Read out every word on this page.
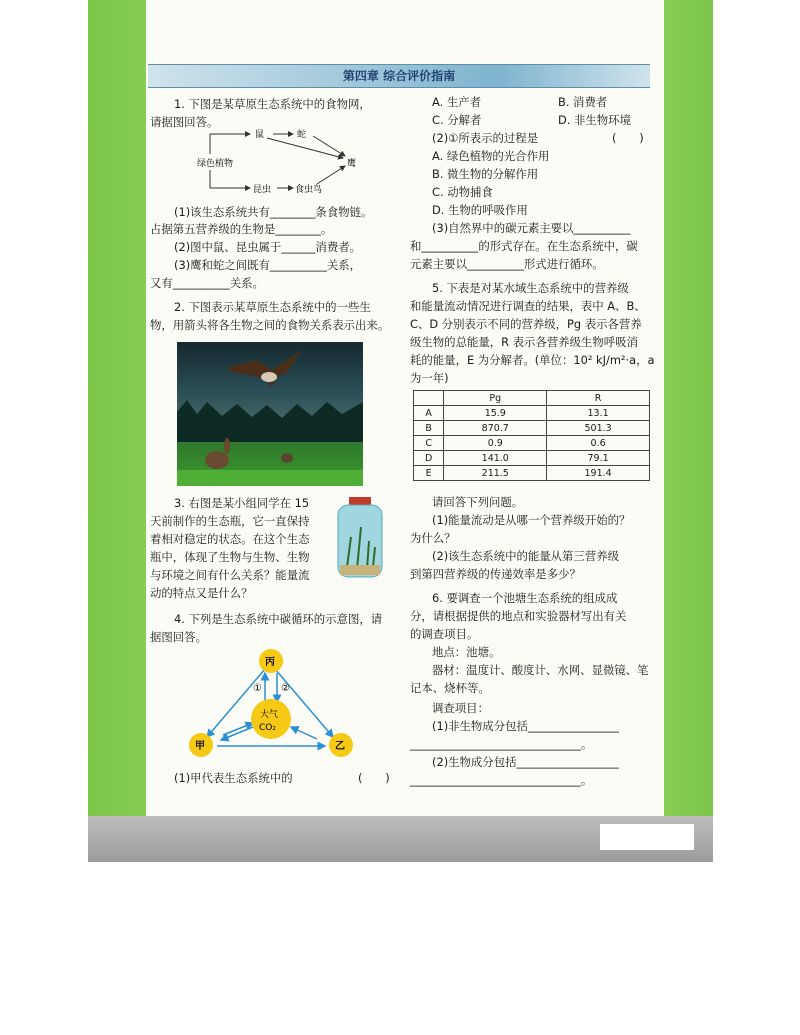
第四章 综合评价指南
1. 下图是某草原生态系统中的食物网，
请据图回答。
绿色植物
鼠	蛇
鹰
昆虫	食虫鸟
(1)该生态系统共有________条食物链。
占据第五营养级的生物是________。
(2)图中鼠、昆虫属于______消费者。
(3)鹰和蛇之间既有__________关系，
又有__________关系。
2. 下图表示某草原生态系统中的一些生
物，用箭头将各生物之间的食物关系表示出来。
3. 右图是某小组同学在 15
天前制作的生态瓶，它一直保持
着相对稳定的状态。在这个生态
瓶中，体现了生物与生物、生物
与环境之间有什么关系？能量流
动的特点又是什么？
4. 下列是生态系统中碳循环的示意图，请
据图回答。
丙
甲	乙
大气
CO₂
① ②
(1)甲代表生态系统中的	(　　)
A. 生产者	B. 消费者
C. 分解者	D. 非生物环境
(2)①所表示的过程是	(　　)
A. 绿色植物的光合作用
B. 微生物的分解作用
C. 动物捕食
D. 生物的呼吸作用
(3)自然界中的碳元素主要以__________
和__________的形式存在。在生态系统中，碳
元素主要以__________形式进行循环。
5. 下表是对某水域生态系统中的营养级
和能量流动情况进行调查的结果，表中 A、B、
C、D 分别表示不同的营养级，Pg 表示各营养
级生物的总能量，R 表示各营养级生物呼吸消
耗的能量，E 为分解者。(单位：10² kJ/m²·a，a
为一年)
	Pg	R
A	15.9	13.1
B	870.7	501.3
C	0.9	0.6
D	141.0	79.1
E	211.5	191.4
请回答下列问题。
(1)能量流动是从哪一个营养级开始的？
为什么？
(2)该生态系统中的能量从第三营养级
到第四营养级的传递效率是多少？
6. 要调查一个池塘生态系统的组成成
分，请根据提供的地点和实验器材写出有关
的调查项目。
地点：池塘。
器材：温度计、酸度计、水网、显微镜、笔
记本、烧杯等。
调查项目：
(1)非生物成分包括________________
______________________________。
(2)生物成分包括__________________
______________________________。
